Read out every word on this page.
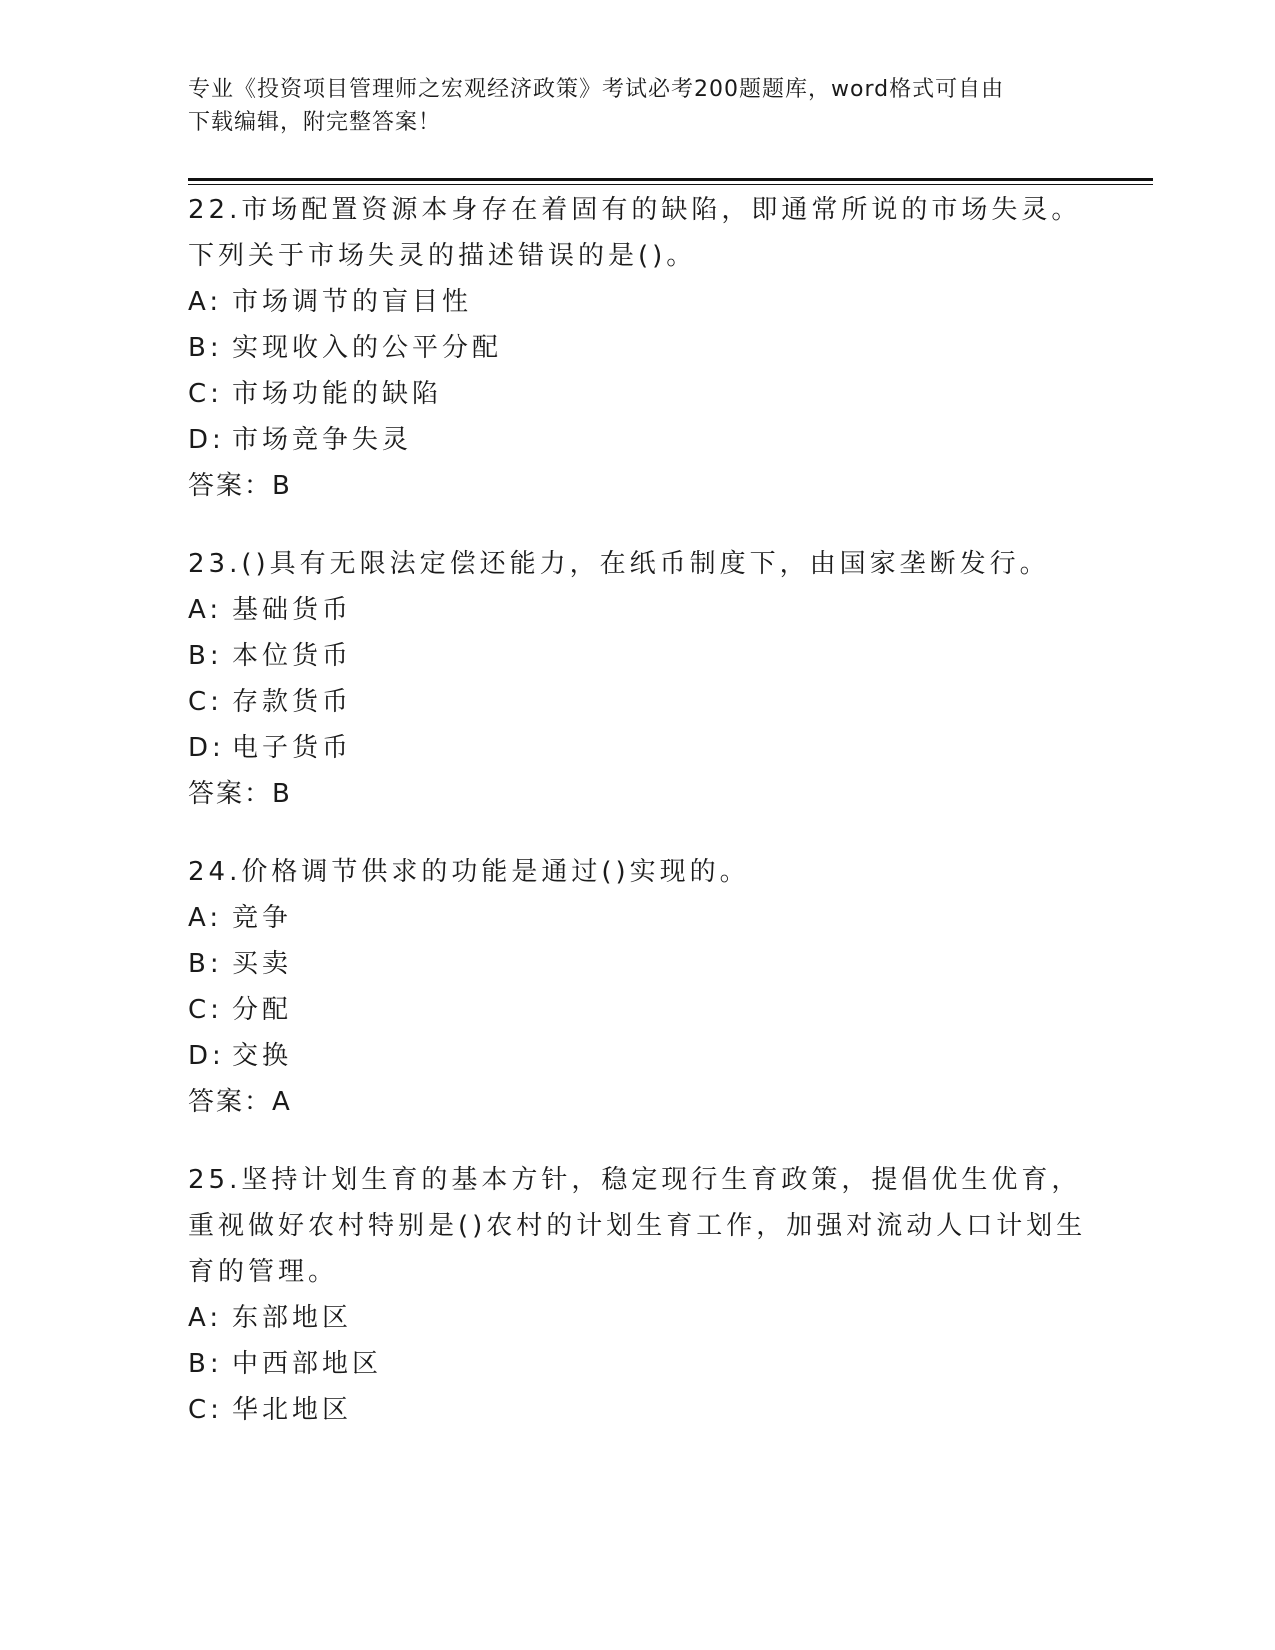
专业《投资项目管理师之宏观经济政策》考试必考200题题库，word格式可自由
下载编辑，附完整答案！

22.市场配置资源本身存在着固有的缺陷，即通常所说的市场失灵。下列关于市场失灵的描述错误的是()。

A: 市场调节的盲目性
B: 实现收入的公平分配
C: 市场功能的缺陷
D: 市场竞争失灵
答案：B

23.()具有无限法定偿还能力，在纸币制度下，由国家垄断发行。

A: 基础货币
B: 本位货币
C: 存款货币
D: 电子货币
答案：B

24.价格调节供求的功能是通过()实现的。

A: 竞争
B: 买卖
C: 分配
D: 交换
答案：A

25.坚持计划生育的基本方针，稳定现行生育政策，提倡优生优育，重视做好农村特别是()农村的计划生育工作，加强对流动人口计划生育的管理。

A: 东部地区
B: 中西部地区
C: 华北地区
